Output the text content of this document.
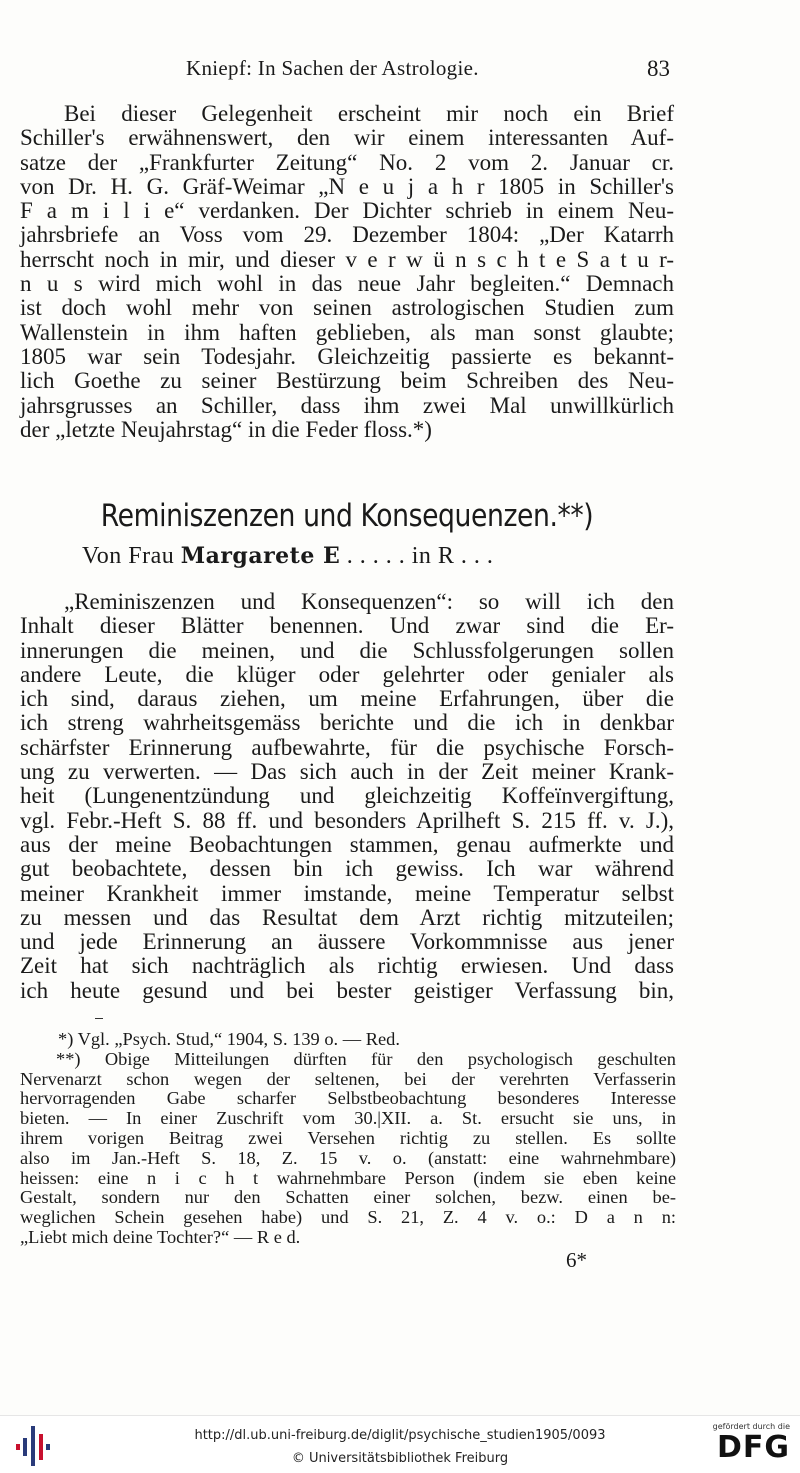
Kniepf: In Sachen der Astrologie.	83
Bei dieser Gelegenheit erscheint mir noch ein Brief
Schiller's erwähnenswert, den wir einem interessanten Auf-
satze der „Frankfurter Zeitung“ No. 2 vom 2. Januar cr.
von Dr. H. G. Gräf-Weimar „N e u j a h r 1805 in Schiller's
F a m i l i e“ verdanken. Der Dichter schrieb in einem Neu-
jahrsbriefe an Voss vom 29. Dezember 1804: „Der Katarrh
herrscht noch in mir, und dieser v e r w ü n s c h t e S a t u r-
n u s wird mich wohl in das neue Jahr begleiten.“ Demnach
ist doch wohl mehr von seinen astrologischen Studien zum
Wallenstein in ihm haften geblieben, als man sonst glaubte;
1805 war sein Todesjahr. Gleichzeitig passierte es bekannt-
lich Goethe zu seiner Bestürzung beim Schreiben des Neu-
jahrsgrusses an Schiller, dass ihm zwei Mal unwillkürlich
der „letzte Neujahrstag“ in die Feder floss.*)
Reminiszenzen und Konsequenzen.**)
Von Frau Margarete E . . . . . in R . . .
„Reminiszenzen und Konsequenzen“: so will ich den
Inhalt dieser Blätter benennen. Und zwar sind die Er-
innerungen die meinen, und die Schlussfolgerungen sollen
andere Leute, die klüger oder gelehrter oder genialer als
ich sind, daraus ziehen, um meine Erfahrungen, über die
ich streng wahrheitsgemäss berichte und die ich in denkbar
schärfster Erinnerung aufbewahrte, für die psychische Forsch-
ung zu verwerten. — Das sich auch in der Zeit meiner Krank-
heit (Lungenentzündung und gleichzeitig Koffeïnvergiftung,
vgl. Febr.-Heft S. 88 ff. und besonders Aprilheft S. 215 ff. v. J.),
aus der meine Beobachtungen stammen, genau aufmerkte und
gut beobachtete, dessen bin ich gewiss. Ich war während
meiner Krankheit immer imstande, meine Temperatur selbst
zu messen und das Resultat dem Arzt richtig mitzuteilen;
und jede Erinnerung an äussere Vorkommnisse aus jener
Zeit hat sich nachträglich als richtig erwiesen. Und dass
ich heute gesund und bei bester geistiger Verfassung bin,
*) Vgl. „Psych. Stud,“ 1904, S. 139 o. — Red.
**) Obige Mitteilungen dürften für den psychologisch geschulten
Nervenarzt schon wegen der seltenen, bei der verehrten Verfasserin
hervorragenden Gabe scharfer Selbstbeobachtung besonderes Interesse
bieten. — In einer Zuschrift vom 30.|XII. a. St. ersucht sie uns, in
ihrem vorigen Beitrag zwei Versehen richtig zu stellen. Es sollte
also im Jan.-Heft S. 18, Z. 15 v. o. (anstatt: eine wahrnehmbare)
heissen: eine n i c h t wahrnehmbare Person (indem sie eben keine
Gestalt, sondern nur den Schatten einer solchen, bezw. einen be-
weglichen Schein gesehen habe) und S. 21, Z. 4 v. o.: D a n n:
„Liebt mich deine Tochter?“ — R e d.
6*
http://dl.ub.uni-freiburg.de/diglit/psychische_studien1905/0093
© Universitätsbibliothek Freiburg
gefördert durch die
DFG
